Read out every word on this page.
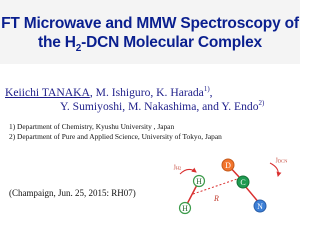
FT Microwave and MMW Spectroscopy of
the $H_2$-DCN Molecular Complex
Keiichi TANAKA, M. Ishiguro, K. Harada$^{1)}$,
Y. Sumiyoshi, M. Nakashima, and Y. Endo$^{2)}$
1) Department of Chemistry, Kyushu University , Japan
2) Department of Pure and Applied Science, University of Tokyo, Japan
(Champaign, Jun. 25, 2015: RH07)
H
H
D
C
N
$j_{H2}$
$j_{DCN}$
R
